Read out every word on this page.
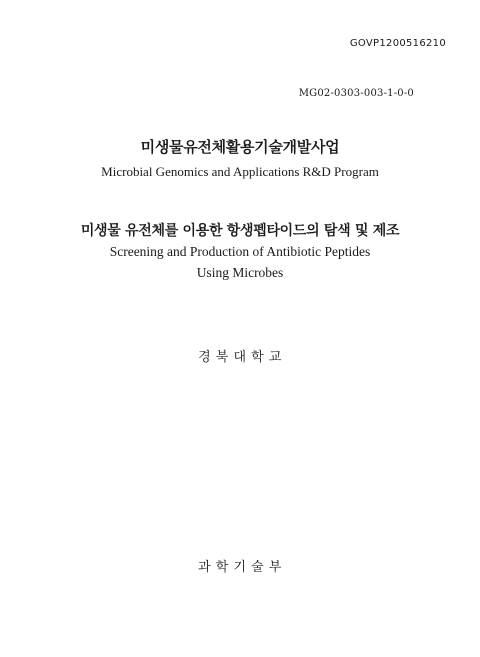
GOVP1200516210
MG02-0303-003-1-0-0
미생물유전체활용기술개발사업
Microbial Genomics and Applications R&D Program
미생물 유전체를 이용한 항생펩타이드의 탐색 및 제조
Screening and Production of Antibiotic Peptides
Using Microbes
경 북 대 학 교
과 학 기 술 부
